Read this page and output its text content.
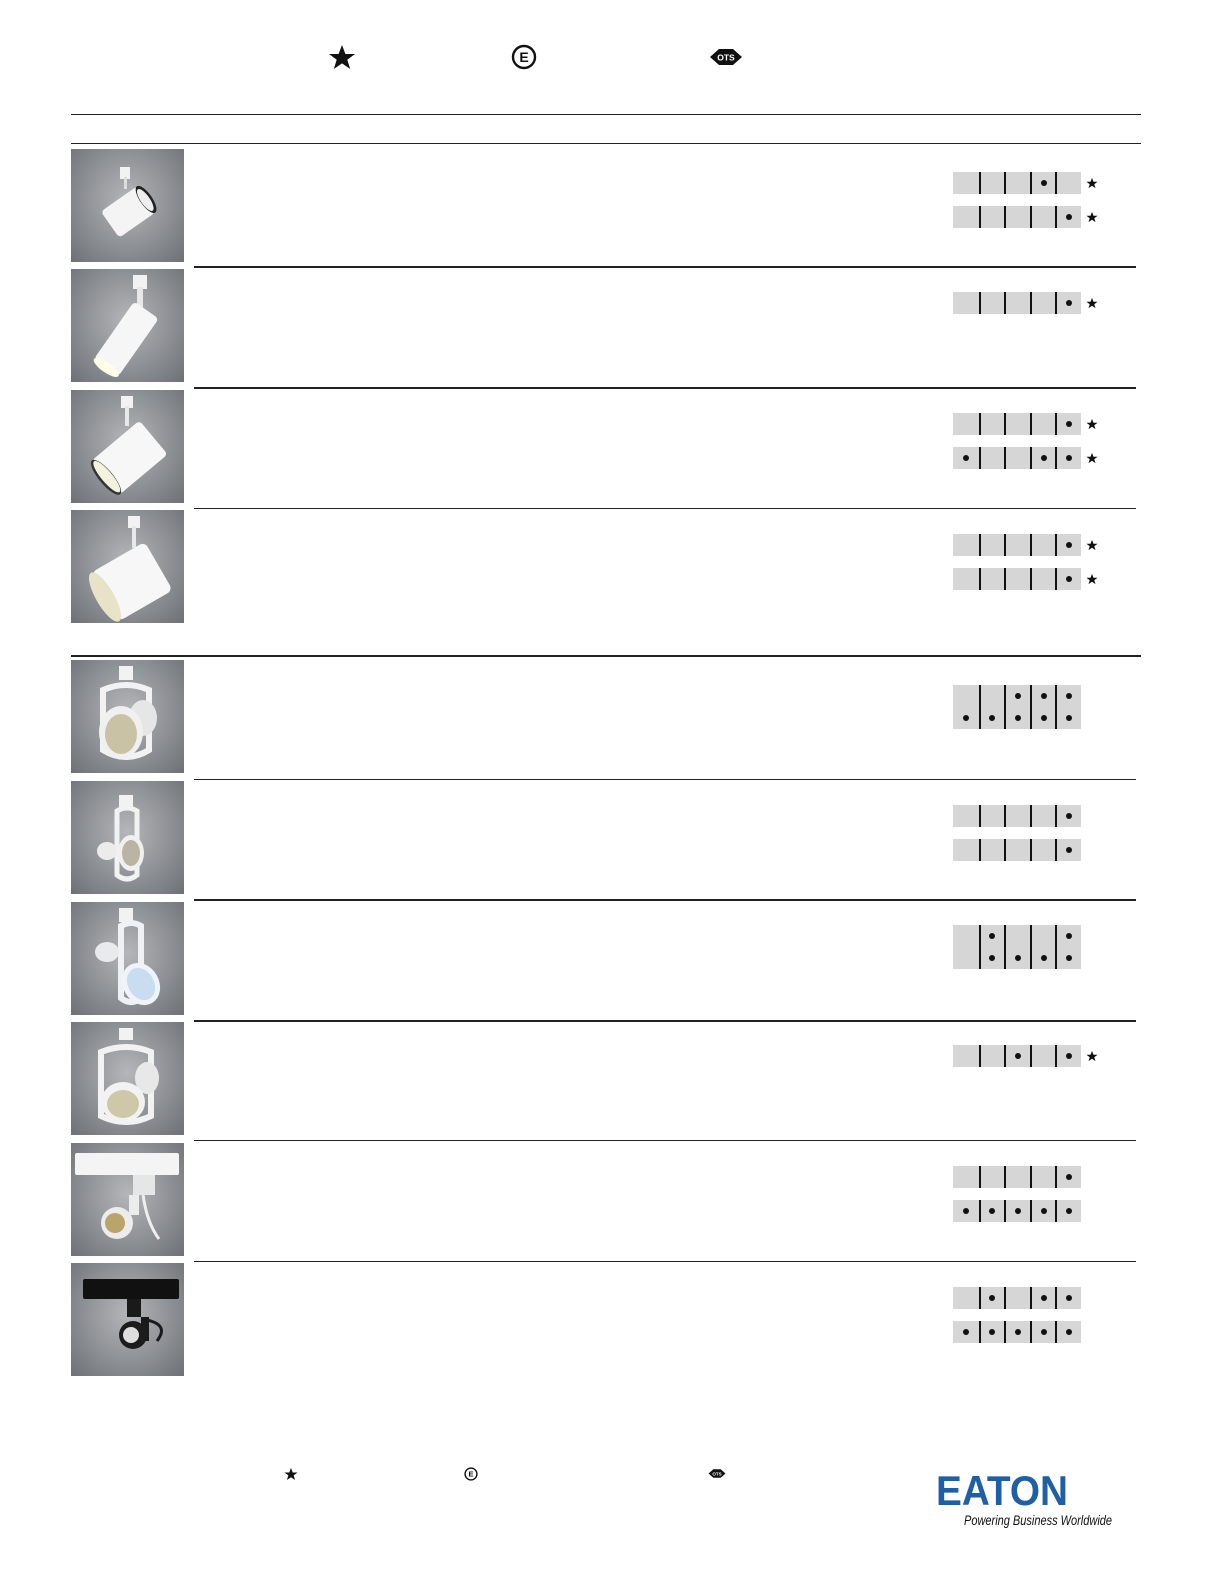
E	OTS
E	OTS	EATON
Powering Business Worldwide
